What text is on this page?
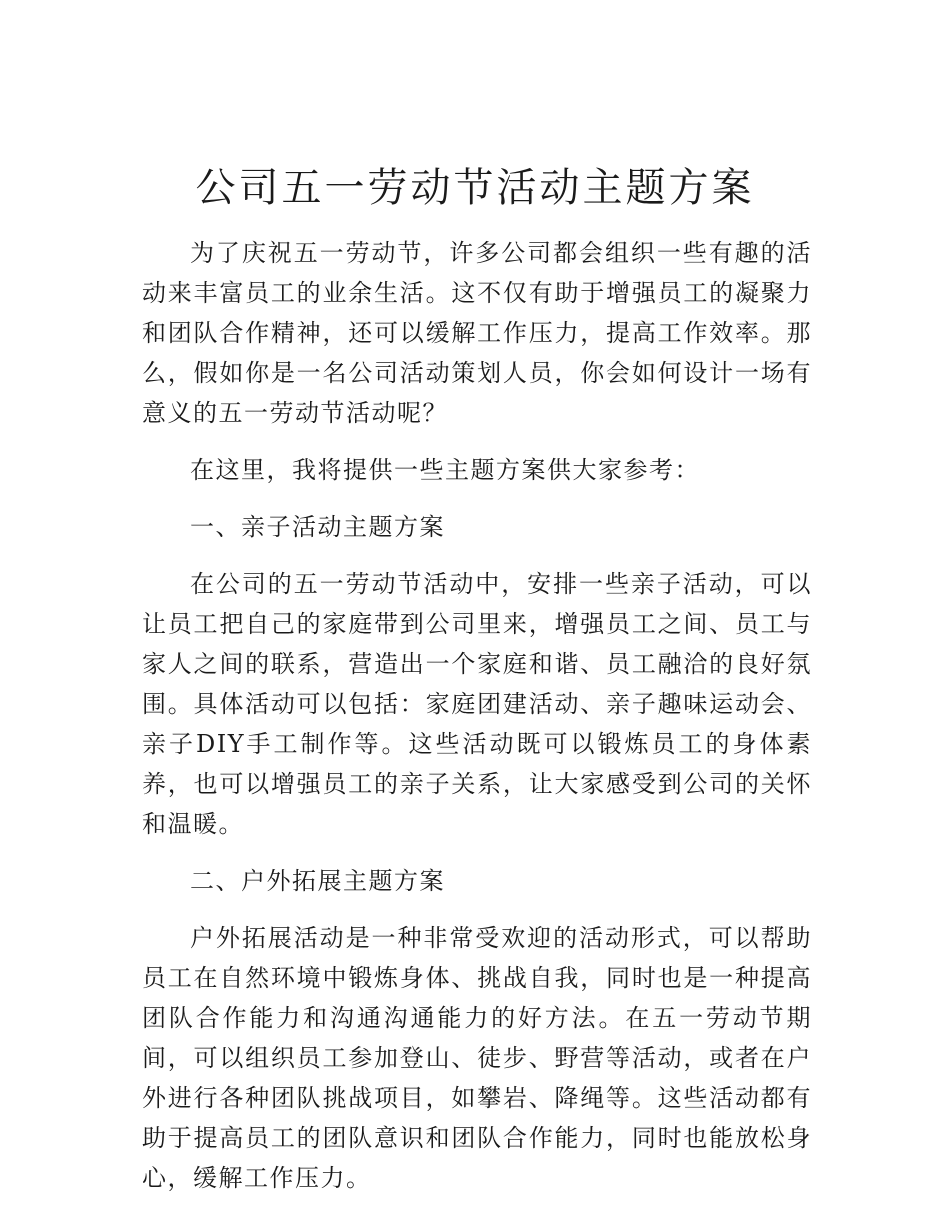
公司五一劳动节活动主题方案

为了庆祝五一劳动节，许多公司都会组织一些有趣的活动来丰富员工的业余生活。这不仅有助于增强员工的凝聚力和团队合作精神，还可以缓解工作压力，提高工作效率。那么，假如你是一名公司活动策划人员，你会如何设计一场有意义的五一劳动节活动呢？

在这里，我将提供一些主题方案供大家参考：

一、亲子活动主题方案

在公司的五一劳动节活动中，安排一些亲子活动，可以让员工把自己的家庭带到公司里来，增强员工之间、员工与家人之间的联系，营造出一个家庭和谐、员工融洽的良好氛围。具体活动可以包括：家庭团建活动、亲子趣味运动会、亲子DIY手工制作等。这些活动既可以锻炼员工的身体素养，也可以增强员工的亲子关系，让大家感受到公司的关怀和温暖。

二、户外拓展主题方案

户外拓展活动是一种非常受欢迎的活动形式，可以帮助员工在自然环境中锻炼身体、挑战自我，同时也是一种提高团队合作能力和沟通沟通能力的好方法。在五一劳动节期间，可以组织员工参加登山、徒步、野营等活动，或者在户外进行各种团队挑战项目，如攀岩、降绳等。这些活动都有助于提高员工的团队意识和团队合作能力，同时也能放松身心，缓解工作压力。
